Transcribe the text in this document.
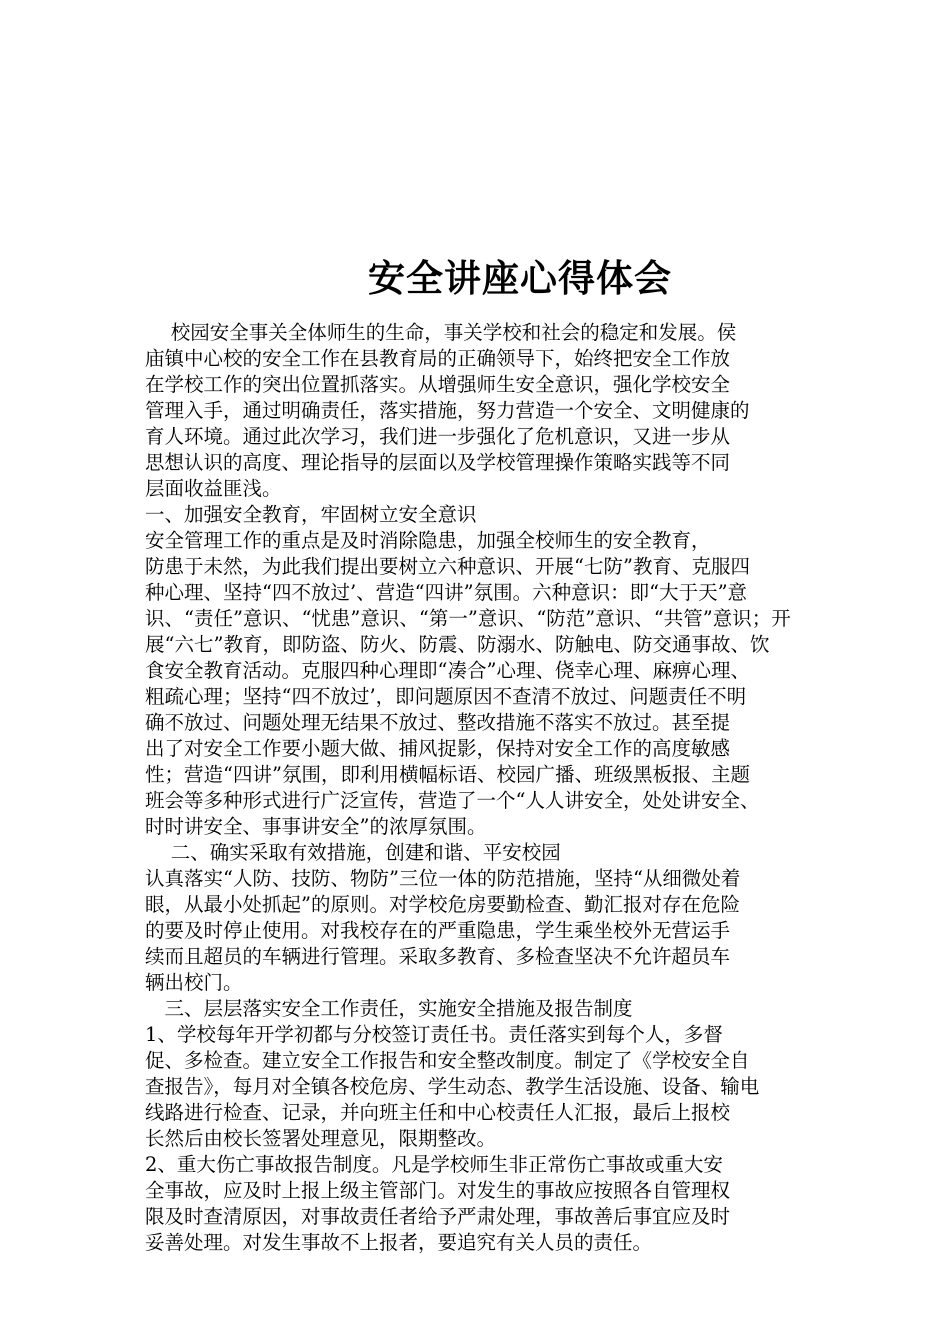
安全讲座心得体会
　 校园安全事关全体师生的生命，事关学校和社会的稳定和发展。侯
庙镇中心校的安全工作在县教育局的正确领导下，始终把安全工作放
在学校工作的突出位置抓落实。从增强师生安全意识，强化学校安全
管理入手，通过明确责任，落实措施，努力营造一个安全、文明健康的
育人环境。通过此次学习，我们进一步强化了危机意识，又进一步从
思想认识的高度、理论指导的层面以及学校管理操作策略实践等不同
层面收益匪浅。
一、加强安全教育，牢固树立安全意识
安全管理工作的重点是及时消除隐患，加强全校师生的安全教育，
防患于未然，为此我们提出要树立六种意识、开展“七防”教育、克服四
种心理、坚持“四不放过’、营造“四讲”氛围。六种意识：即“大于天”意
识、“责任”意识、“忧患”意识、“第一”意识、“防范”意识、“共管”意识；开
展“六七”教育，即防盗、防火、防震、防溺水、防触电、防交通事故、饮
食安全教育活动。克服四种心理即“凑合”心理、侥幸心理、麻痹心理、
粗疏心理；坚持“四不放过’，即问题原因不查清不放过、问题责任不明
确不放过、问题处理无结果不放过、整改措施不落实不放过。甚至提
出了对安全工作要小题大做、捕风捉影，保持对安全工作的高度敏感
性；营造“四讲”氛围，即利用横幅标语、校园广播、班级黑板报、主题
班会等多种形式进行广泛宣传，营造了一个“人人讲安全，处处讲安全、
时时讲安全、事事讲安全”的浓厚氛围。
　 二、确实采取有效措施，创建和谐、平安校园
认真落实“人防、技防、物防”三位一体的防范措施，坚持“从细微处着
眼，从最小处抓起”的原则。对学校危房要勤检查、勤汇报对存在危险
的要及时停止使用。对我校存在的严重隐患，学生乘坐校外无营运手
续而且超员的车辆进行管理。采取多教育、多检查坚决不允许超员车
辆出校门。
　三、层层落实安全工作责任，实施安全措施及报告制度
1、学校每年开学初都与分校签订责任书。责任落实到每个人，多督
促、多检查。建立安全工作报告和安全整改制度。制定了《学校安全自
查报告》，每月对全镇各校危房、学生动态、教学生活设施、设备、输电
线路进行检查、记录，并向班主任和中心校责任人汇报，最后上报校
长然后由校长签署处理意见，限期整改。
2、重大伤亡事故报告制度。凡是学校师生非正常伤亡事故或重大安
全事故，应及时上报上级主管部门。对发生的事故应按照各自管理权
限及时查清原因，对事故责任者给予严肃处理，事故善后事宜应及时
妥善处理。对发生事故不上报者，要追究有关人员的责任。
